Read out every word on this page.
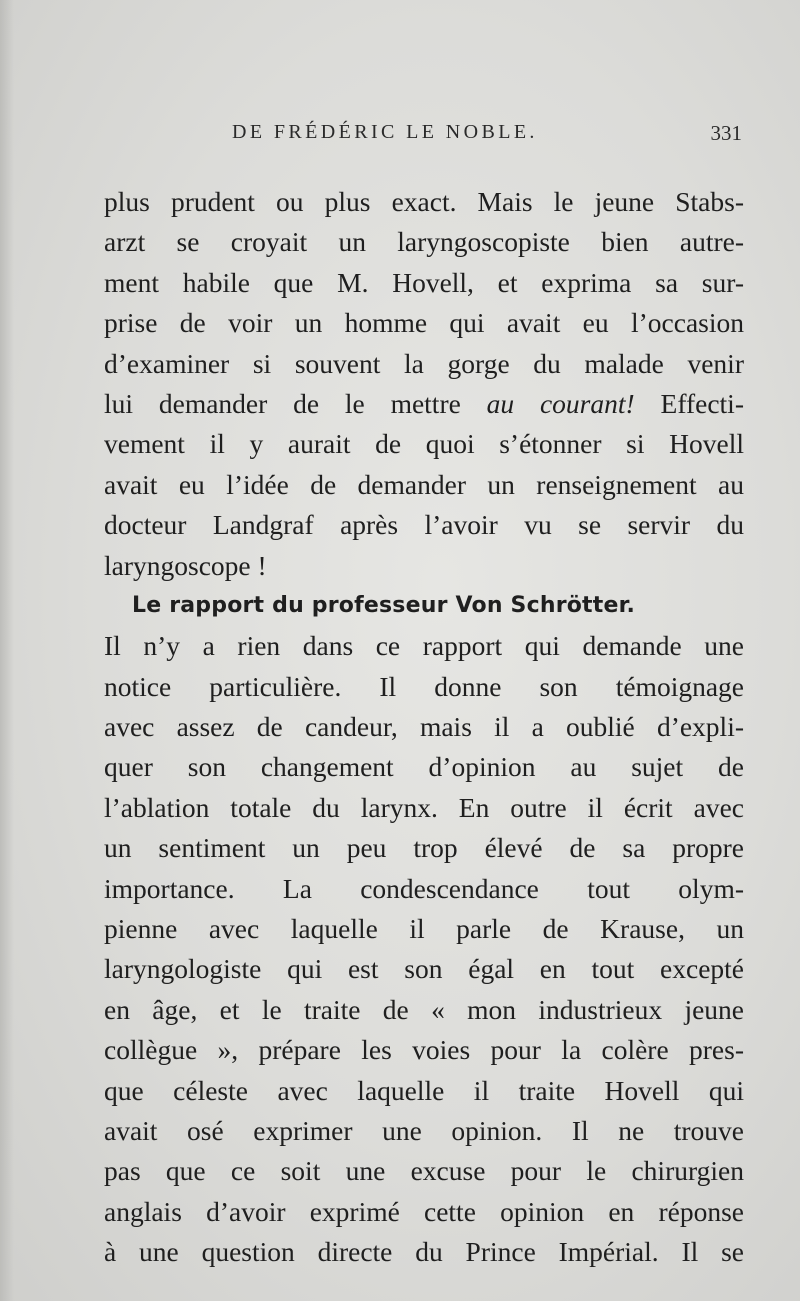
DE FRÉDÉRIC LE NOBLE.	331
plus prudent ou plus exact. Mais le jeune Stabs-
arzt se croyait un laryngoscopiste bien autre-
ment habile que M. Hovell, et exprima sa sur-
prise de voir un homme qui avait eu l’occasion
d’examiner si souvent la gorge du malade venir
lui demander de le mettre au courant! Effecti-
vement il y aurait de quoi s’étonner si Hovell
avait eu l’idée de demander un renseignement au
docteur Landgraf après l’avoir vu se servir du
laryngoscope !
Le rapport du professeur Von Schrötter.
Il n’y a rien dans ce rapport qui demande une
notice particulière. Il donne son témoignage
avec assez de candeur, mais il a oublié d’expli-
quer son changement d’opinion au sujet de
l’ablation totale du larynx. En outre il écrit avec
un sentiment un peu trop élevé de sa propre
importance. La condescendance tout olym-
pienne avec laquelle il parle de Krause, un
laryngologiste qui est son égal en tout excepté
en âge, et le traite de « mon industrieux jeune
collègue », prépare les voies pour la colère pres-
que céleste avec laquelle il traite Hovell qui
avait osé exprimer une opinion. Il ne trouve
pas que ce soit une excuse pour le chirurgien
anglais d’avoir exprimé cette opinion en réponse
à une question directe du Prince Impérial. Il se
